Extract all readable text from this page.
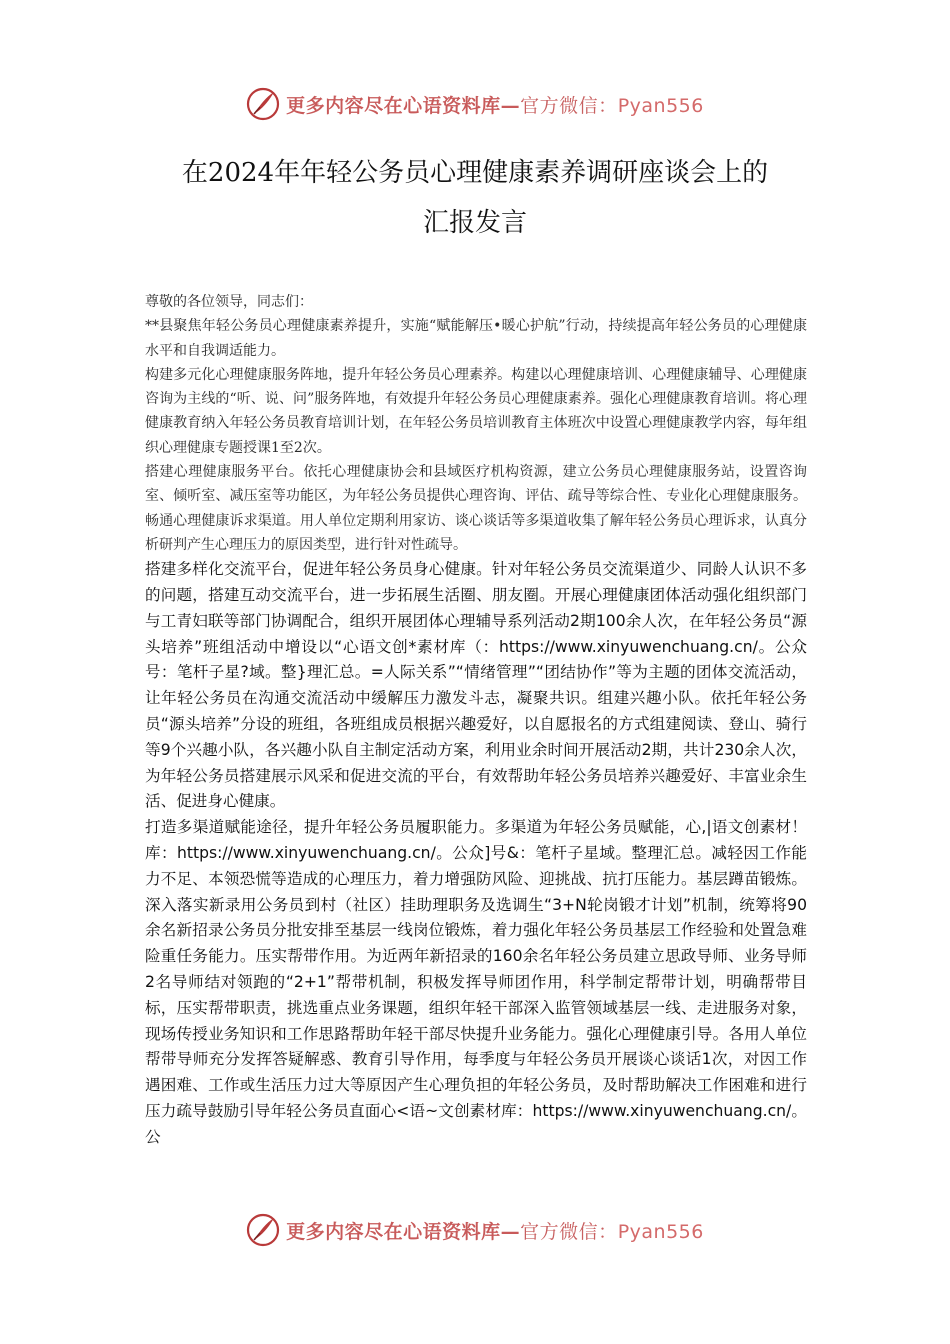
更多内容尽在心语资料库—官方微信：Pyan556
在2024年年轻公务员心理健康素养调研座谈会上的
汇报发言

尊敬的各位领导，同志们：

**县聚焦年轻公务员心理健康素养提升，实施“赋能解压•暖心护航”行动，持续提高年轻公务员的心理健康水平和自我调适能力。

构建多元化心理健康服务阵地，提升年轻公务员心理素养。构建以心理健康培训、心理健康辅导、心理健康咨询为主线的“听、说、问”服务阵地，有效提升年轻公务员心理健康素养。强化心理健康教育培训。将心理健康教育纳入年轻公务员教育培训计划，在年轻公务员培训教育主体班次中设置心理健康教学内容，每年组织心理健康专题授课1至2次。

搭建心理健康服务平台。依托心理健康协会和县域医疗机构资源，建立公务员心理健康服务站，设置咨询室、倾听室、减压室等功能区，为年轻公务员提供心理咨询、评估、疏导等综合性、专业化心理健康服务。畅通心理健康诉求渠道。用人单位定期利用家访、谈心谈话等多渠道收集了解年轻公务员心理诉求，认真分析研判产生心理压力的原因类型，进行针对性疏导。

搭建多样化交流平台，促进年轻公务员身心健康。针对年轻公务员交流渠道少、同龄人认识不多的问题，搭建互动交流平台，进一步拓展生活圈、朋友圈。开展心理健康团体活动强化组织部门与工青妇联等部门协调配合，组织开展团体心理辅导系列活动2期100余人次，在年轻公务员“源头培养”班组活动中增设以“心语文创*素材库（：https://www.xinyuwenchuang.cn/。公众号：笔杆子星?域。整}理汇总。=人际关系”“情绪管理”“团结协作”等为主题的团体交流活动，让年轻公务员在沟通交流活动中缓解压力激发斗志，凝聚共识。组建兴趣小队。依托年轻公务员“源头培养”分设的班组，各班组成员根据兴趣爱好，以自愿报名的方式组建阅读、登山、骑行等9个兴趣小队，各兴趣小队自主制定活动方案，利用业余时间开展活动2期，共计230余人次，为年轻公务员搭建展示风采和促进交流的平台，有效帮助年轻公务员培养兴趣爱好、丰富业余生活、促进身心健康。

打造多渠道赋能途径，提升年轻公务员履职能力。多渠道为年轻公务员赋能，心,|语文创素材！库：https://www.xinyuwenchuang.cn/。公众]号&：笔杆子星域。整理汇总。减轻因工作能力不足、本领恐慌等造成的心理压力，着力增强防风险、迎挑战、抗打压能力。基层蹲苗锻炼。深入落实新录用公务员到村（社区）挂助理职务及选调生“3+N轮岗锻才计划”机制，统筹将90余名新招录公务员分批安排至基层一线岗位锻炼，着力强化年轻公务员基层工作经验和处置急难险重任务能力。压实帮带作用。为近两年新招录的160余名年轻公务员建立思政导师、业务导师2名导师结对领跑的“2+1”帮带机制，积极发挥导师团作用，科学制定帮带计划，明确帮带目标，压实帮带职责，挑选重点业务课题，组织年轻干部深入监管领域基层一线、走进服务对象，现场传授业务知识和工作思路帮助年轻干部尽快提升业务能力。强化心理健康引导。各用人单位帮带导师充分发挥答疑解惑、教育引导作用，每季度与年轻公务员开展谈心谈话1次，对因工作遇困难、工作或生活压力过大等原因产生心理负担的年轻公务员，及时帮助解决工作困难和进行压力疏导鼓励引导年轻公务员直面心<语~文创素材库：https://www.xinyuwenchuang.cn/。公

更多内容尽在心语资料库—官方微信：Pyan556
